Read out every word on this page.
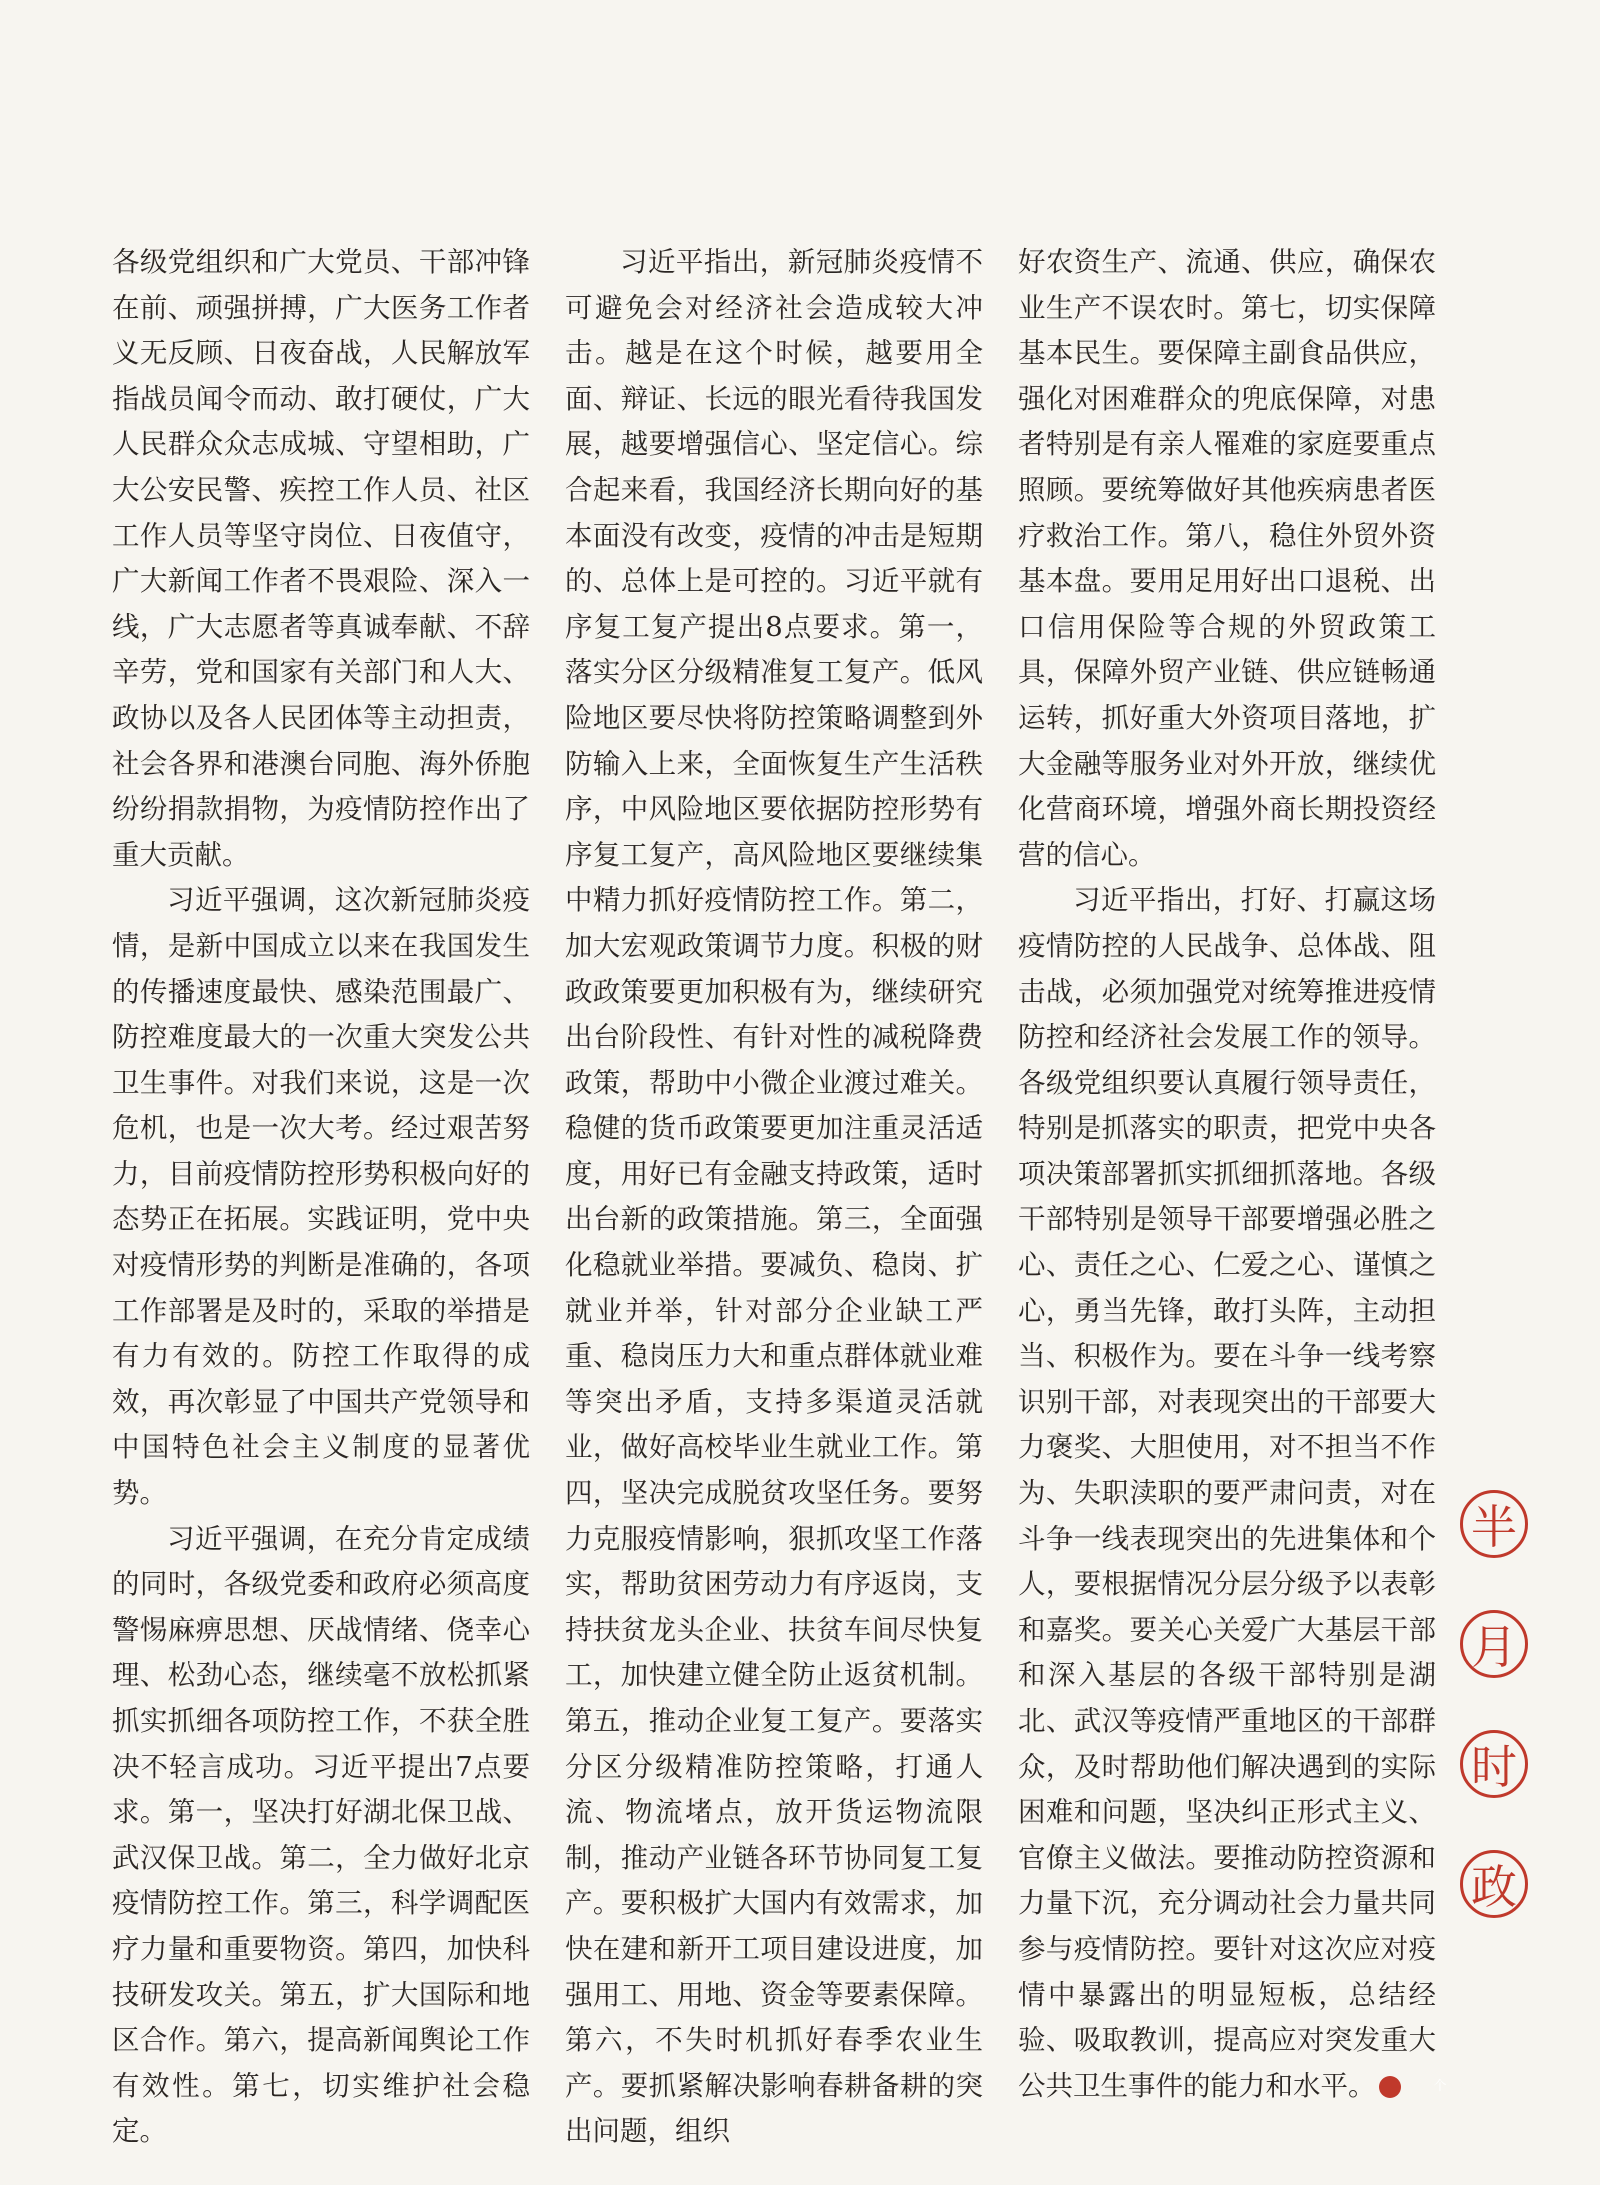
各级党组织和广大党员、干部冲锋在前、顽强拼搏，广大医务工作者义无反顾、日夜奋战，人民解放军指战员闻令而动、敢打硬仗，广大人民群众众志成城、守望相助，广大公安民警、疾控工作人员、社区工作人员等坚守岗位、日夜值守，广大新闻工作者不畏艰险、深入一线，广大志愿者等真诚奉献、不辞辛劳，党和国家有关部门和人大、政协以及各人民团体等主动担责，社会各界和港澳台同胞、海外侨胞纷纷捐款捐物，为疫情防控作出了重大贡献。

习近平强调，这次新冠肺炎疫情，是新中国成立以来在我国发生的传播速度最快、感染范围最广、防控难度最大的一次重大突发公共卫生事件。对我们来说，这是一次危机，也是一次大考。经过艰苦努力，目前疫情防控形势积极向好的态势正在拓展。实践证明，党中央对疫情形势的判断是准确的，各项工作部署是及时的，采取的举措是有力有效的。防控工作取得的成效，再次彰显了中国共产党领导和中国特色社会主义制度的显著优势。

习近平强调，在充分肯定成绩的同时，各级党委和政府必须高度警惕麻痹思想、厌战情绪、侥幸心理、松劲心态，继续毫不放松抓紧抓实抓细各项防控工作，不获全胜决不轻言成功。习近平提出7点要求。第一，坚决打好湖北保卫战、武汉保卫战。第二，全力做好北京疫情防控工作。第三，科学调配医疗力量和重要物资。第四，加快科技研发攻关。第五，扩大国际和地区合作。第六，提高新闻舆论工作有效性。第七，切实维护社会稳定。

习近平指出，新冠肺炎疫情不可避免会对经济社会造成较大冲击。越是在这个时候，越要用全面、辩证、长远的眼光看待我国发展，越要增强信心、坚定信心。综合起来看，我国经济长期向好的基本面没有改变，疫情的冲击是短期的、总体上是可控的。习近平就有序复工复产提出8点要求。第一，落实分区分级精准复工复产。低风险地区要尽快将防控策略调整到外防输入上来，全面恢复生产生活秩序，中风险地区要依据防控形势有序复工复产，高风险地区要继续集中精力抓好疫情防控工作。第二，加大宏观政策调节力度。积极的财政政策要更加积极有为，继续研究出台阶段性、有针对性的减税降费政策，帮助中小微企业渡过难关。稳健的货币政策要更加注重灵活适度，用好已有金融支持政策，适时出台新的政策措施。第三，全面强化稳就业举措。要减负、稳岗、扩就业并举，针对部分企业缺工严重、稳岗压力大和重点群体就业难等突出矛盾，支持多渠道灵活就业，做好高校毕业生就业工作。第四，坚决完成脱贫攻坚任务。要努力克服疫情影响，狠抓攻坚工作落实，帮助贫困劳动力有序返岗，支持扶贫龙头企业、扶贫车间尽快复工，加快建立健全防止返贫机制。第五，推动企业复工复产。要落实分区分级精准防控策略，打通人流、物流堵点，放开货运物流限制，推动产业链各环节协同复工复产。要积极扩大国内有效需求，加快在建和新开工项目建设进度，加强用工、用地、资金等要素保障。第六，不失时机抓好春季农业生产。要抓紧解决影响春耕备耕的突出问题，组织

好农资生产、流通、供应，确保农业生产不误农时。第七，切实保障基本民生。要保障主副食品供应，强化对困难群众的兜底保障，对患者特别是有亲人罹难的家庭要重点照顾。要统筹做好其他疾病患者医疗救治工作。第八，稳住外贸外资基本盘。要用足用好出口退税、出口信用保险等合规的外贸政策工具，保障外贸产业链、供应链畅通运转，抓好重大外资项目落地，扩大金融等服务业对外开放，继续优化营商环境，增强外商长期投资经营的信心。

习近平指出，打好、打赢这场疫情防控的人民战争、总体战、阻击战，必须加强党对统筹推进疫情防控和经济社会发展工作的领导。各级党组织要认真履行领导责任，特别是抓落实的职责，把党中央各项决策部署抓实抓细抓落地。各级干部特别是领导干部要增强必胜之心、责任之心、仁爱之心、谨慎之心，勇当先锋，敢打头阵，主动担当、积极作为。要在斗争一线考察识别干部，对表现突出的干部要大力褒奖、大胆使用，对不担当不作为、失职渎职的要严肃问责，对在斗争一线表现突出的先进集体和个人，要根据情况分层分级予以表彰和嘉奖。要关心关爱广大基层干部和深入基层的各级干部特别是湖北、武汉等疫情严重地区的干部群众，及时帮助他们解决遇到的实际困难和问题，坚决纠正形式主义、官僚主义做法。要推动防控资源和力量下沉，充分调动社会力量共同参与疫情防控。要针对这次应对疫情中暴露出的明显短板，总结经验、吸取教训，提高应对突发重大公共卫生事件的能力和水平。	个

半
月
时
政
